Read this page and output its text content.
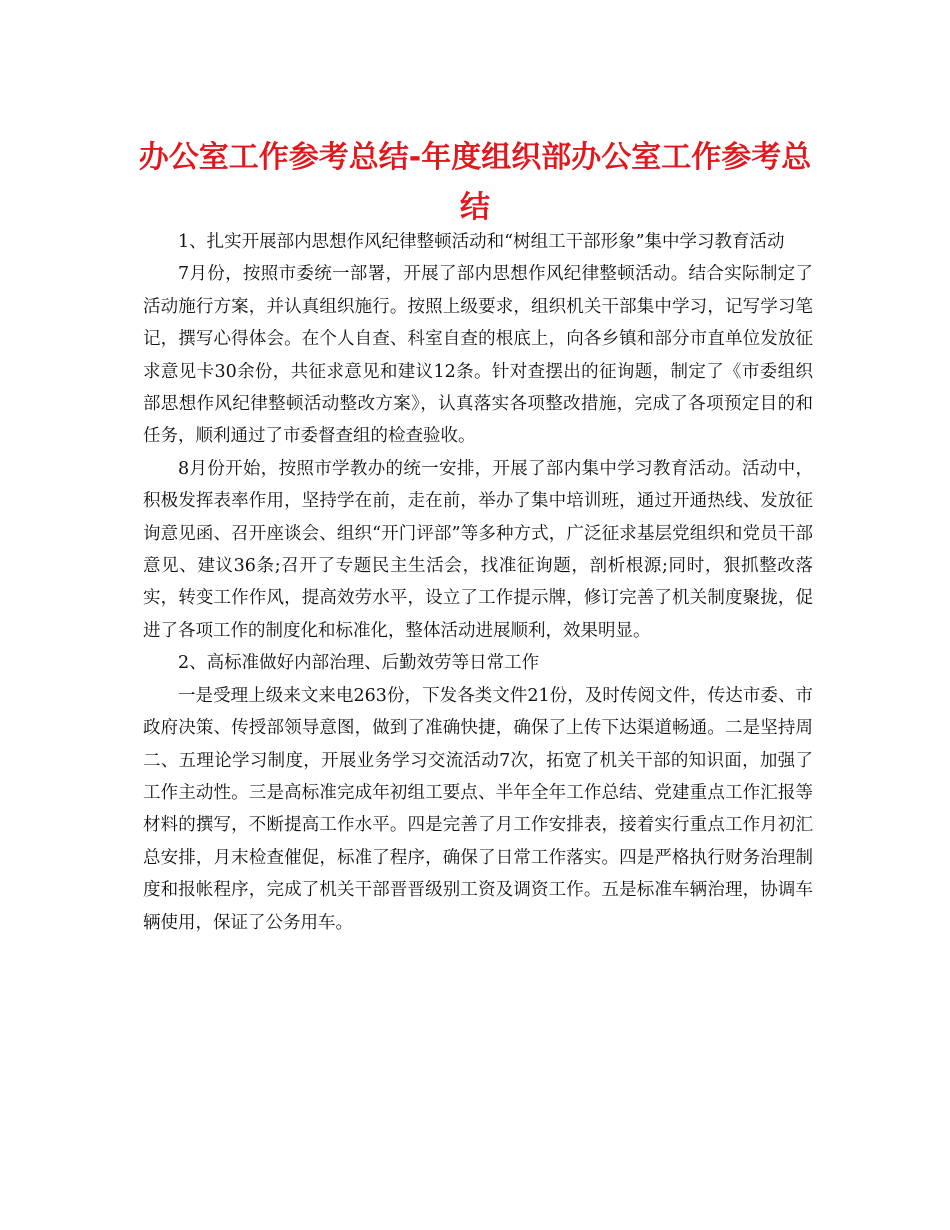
办公室工作参考总结-年度组织部办公室工作参考总结

1、扎实开展部内思想作风纪律整顿活动和“树组工干部形象”集中学习教育活动

7月份，按照市委统一部署，开展了部内思想作风纪律整顿活动。结合实际制定了活动施行方案，并认真组织施行。按照上级要求，组织机关干部集中学习，记写学习笔记，撰写心得体会。在个人自查、科室自查的根底上，向各乡镇和部分市直单位发放征求意见卡30余份，共征求意见和建议12条。针对查摆出的征询题，制定了《市委组织部思想作风纪律整顿活动整改方案》，认真落实各项整改措施，完成了各项预定目的和任务，顺利通过了市委督查组的检查验收。

8月份开始，按照市学教办的统一安排，开展了部内集中学习教育活动。活动中，积极发挥表率作用，坚持学在前，走在前，举办了集中培训班，通过开通热线、发放征询意见函、召开座谈会、组织“开门评部”等多种方式，广泛征求基层党组织和党员干部意见、建议36条;召开了专题民主生活会，找准征询题，剖析根源;同时，狠抓整改落实，转变工作作风，提高效劳水平，设立了工作提示牌，修订完善了机关制度聚拢，促进了各项工作的制度化和标准化，整体活动进展顺利，效果明显。

2、高标准做好内部治理、后勤效劳等日常工作

一是受理上级来文来电263份，下发各类文件21份，及时传阅文件，传达市委、市政府决策、传授部领导意图，做到了准确快捷，确保了上传下达渠道畅通。二是坚持周二、五理论学习制度，开展业务学习交流活动7次，拓宽了机关干部的知识面，加强了工作主动性。三是高标准完成年初组工要点、半年全年工作总结、党建重点工作汇报等材料的撰写，不断提高工作水平。四是完善了月工作安排表，接着实行重点工作月初汇总安排，月末检查催促，标准了程序，确保了日常工作落实。四是严格执行财务治理制度和报帐程序，完成了机关干部晋晋级别工资及调资工作。五是标准车辆治理，协调车辆使用，保证了公务用车。
